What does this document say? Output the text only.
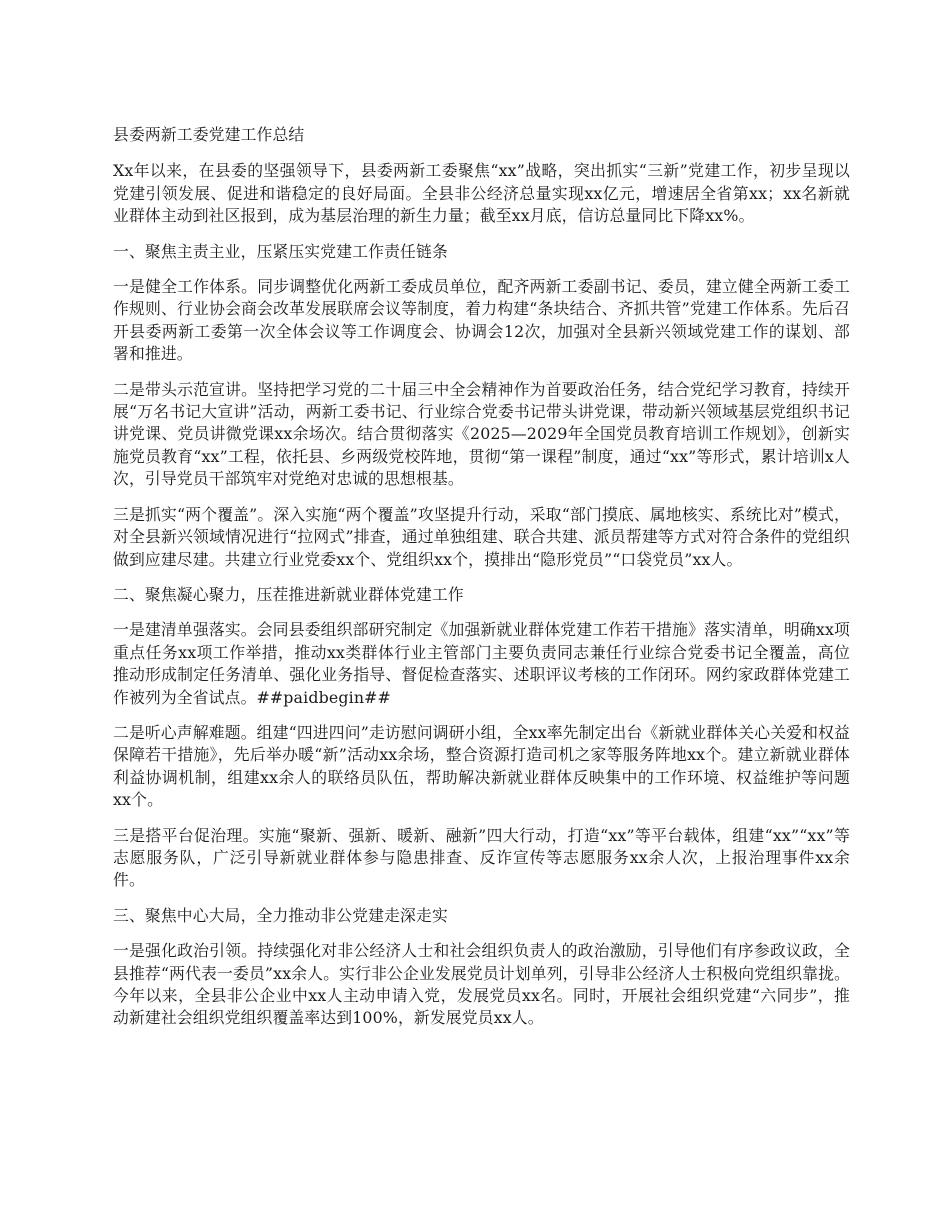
县委两新工委党建工作总结

Xx年以来，在县委的坚强领导下，县委两新工委聚焦“xx”战略，突出抓实“三新”党建工作，初步呈现以党建引领发展、促进和谐稳定的良好局面。全县非公经济总量实现xx亿元，增速居全省第xx；xx名新就业群体主动到社区报到，成为基层治理的新生力量；截至xx月底，信访总量同比下降xx%。

一、聚焦主责主业，压紧压实党建工作责任链条

一是健全工作体系。同步调整优化两新工委成员单位，配齐两新工委副书记、委员，建立健全两新工委工作规则、行业协会商会改革发展联席会议等制度，着力构建“条块结合、齐抓共管”党建工作体系。先后召开县委两新工委第一次全体会议等工作调度会、协调会12次，加强对全县新兴领域党建工作的谋划、部署和推进。

二是带头示范宣讲。坚持把学习党的二十届三中全会精神作为首要政治任务，结合党纪学习教育，持续开展“万名书记大宣讲”活动，两新工委书记、行业综合党委书记带头讲党课，带动新兴领域基层党组织书记讲党课、党员讲微党课xx余场次。结合贯彻落实《2025—2029年全国党员教育培训工作规划》，创新实施党员教育“xx”工程，依托县、乡两级党校阵地，贯彻“第一课程”制度，通过“xx”等形式，累计培训x人次，引导党员干部筑牢对党绝对忠诚的思想根基。

三是抓实“两个覆盖”。深入实施“两个覆盖”攻坚提升行动，采取“部门摸底、属地核实、系统比对”模式，对全县新兴领域情况进行“拉网式”排查，通过单独组建、联合共建、派员帮建等方式对符合条件的党组织做到应建尽建。共建立行业党委xx个、党组织xx个，摸排出“隐形党员”“口袋党员”xx人。

二、聚焦凝心聚力，压茬推进新就业群体党建工作

一是建清单强落实。会同县委组织部研究制定《加强新就业群体党建工作若干措施》落实清单，明确xx项重点任务xx项工作举措，推动xx类群体行业主管部门主要负责同志兼任行业综合党委书记全覆盖，高位推动形成制定任务清单、强化业务指导、督促检查落实、述职评议考核的工作闭环。网约家政群体党建工作被列为全省试点。##paidbegin##

二是听心声解难题。组建“四进四问”走访慰问调研小组，全xx率先制定出台《新就业群体关心关爱和权益保障若干措施》，先后举办暖“新”活动xx余场，整合资源打造司机之家等服务阵地xx个。建立新就业群体利益协调机制，组建xx余人的联络员队伍，帮助解决新就业群体反映集中的工作环境、权益维护等问题xx个。

三是搭平台促治理。实施“聚新、强新、暖新、融新”四大行动，打造“xx”等平台载体，组建“xx”“xx”等志愿服务队，广泛引导新就业群体参与隐患排查、反诈宣传等志愿服务xx余人次，上报治理事件xx余件。

三、聚焦中心大局，全力推动非公党建走深走实

一是强化政治引领。持续强化对非公经济人士和社会组织负责人的政治激励，引导他们有序参政议政，全县推荐“两代表一委员”xx余人。实行非公企业发展党员计划单列，引导非公经济人士积极向党组织靠拢。今年以来，全县非公企业中xx人主动申请入党，发展党员xx名。同时，开展社会组织党建“六同步”，推动新建社会组织党组织覆盖率达到100%，新发展党员xx人。
